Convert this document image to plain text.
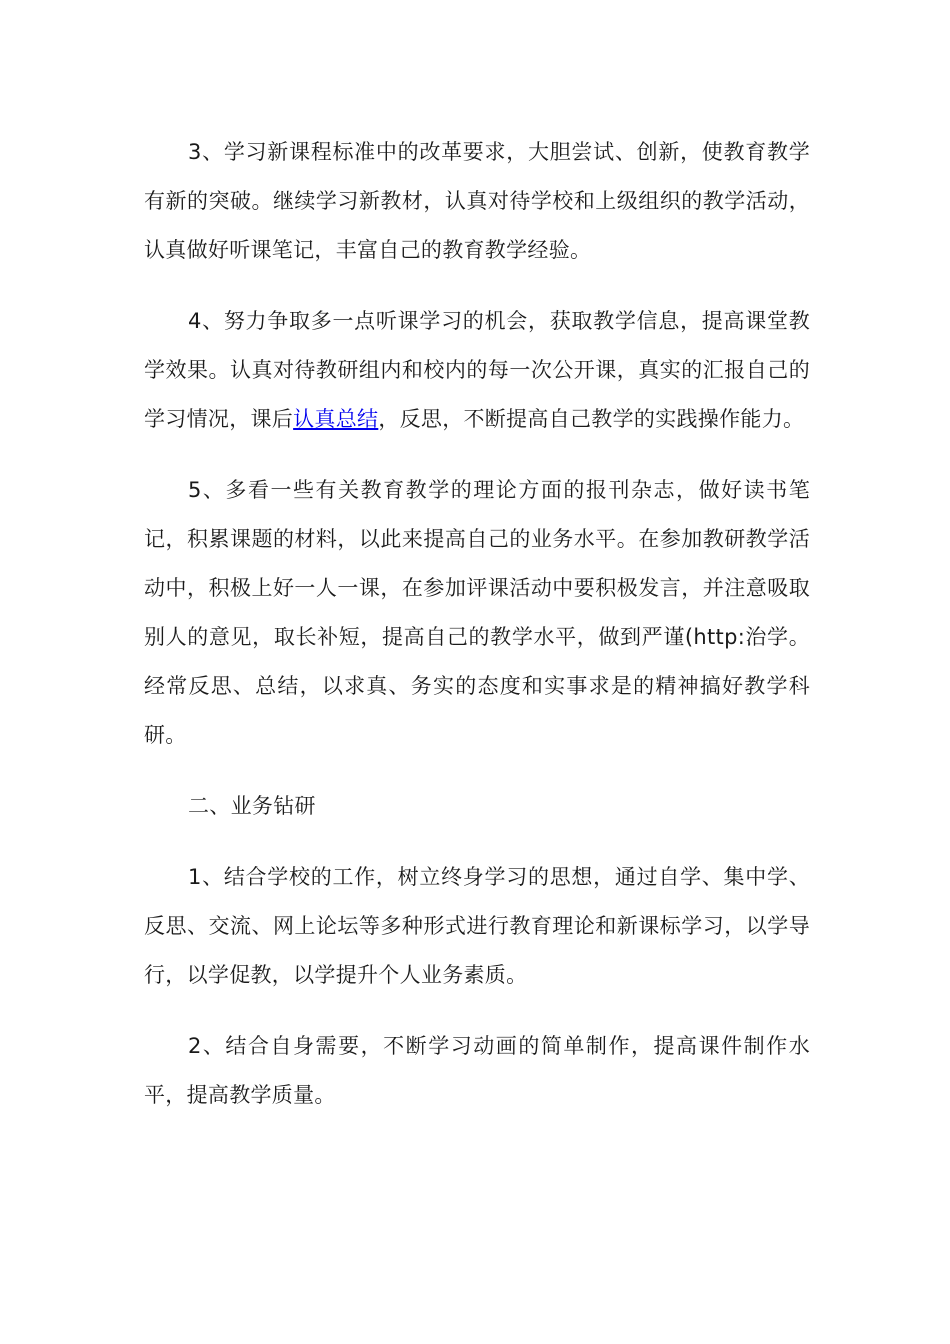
3、学习新课程标准中的改革要求，大胆尝试、创新，使教育教学有新的突破。继续学习新教材，认真对待学校和上级组织的教学活动，认真做好听课笔记，丰富自己的教育教学经验。

4、努力争取多一点听课学习的机会，获取教学信息，提高课堂教学效果。认真对待教研组内和校内的每一次公开课，真实的汇报自己的学习情况，课后认真总结，反思，不断提高自己教学的实践操作能力。

5、多看一些有关教育教学的理论方面的报刊杂志，做好读书笔记，积累课题的材料，以此来提高自己的业务水平。在参加教研教学活动中，积极上好一人一课，在参加评课活动中要积极发言，并注意吸取别人的意见，取长补短，提高自己的教学水平，做到严谨(http:治学。经常反思、总结，以求真、务实的态度和实事求是的精神搞好教学科研。

二、业务钻研

1、结合学校的工作，树立终身学习的思想，通过自学、集中学、反思、交流、网上论坛等多种形式进行教育理论和新课标学习，以学导行，以学促教，以学提升个人业务素质。

2、结合自身需要，不断学习动画的简单制作，提高课件制作水平，提高教学质量。
